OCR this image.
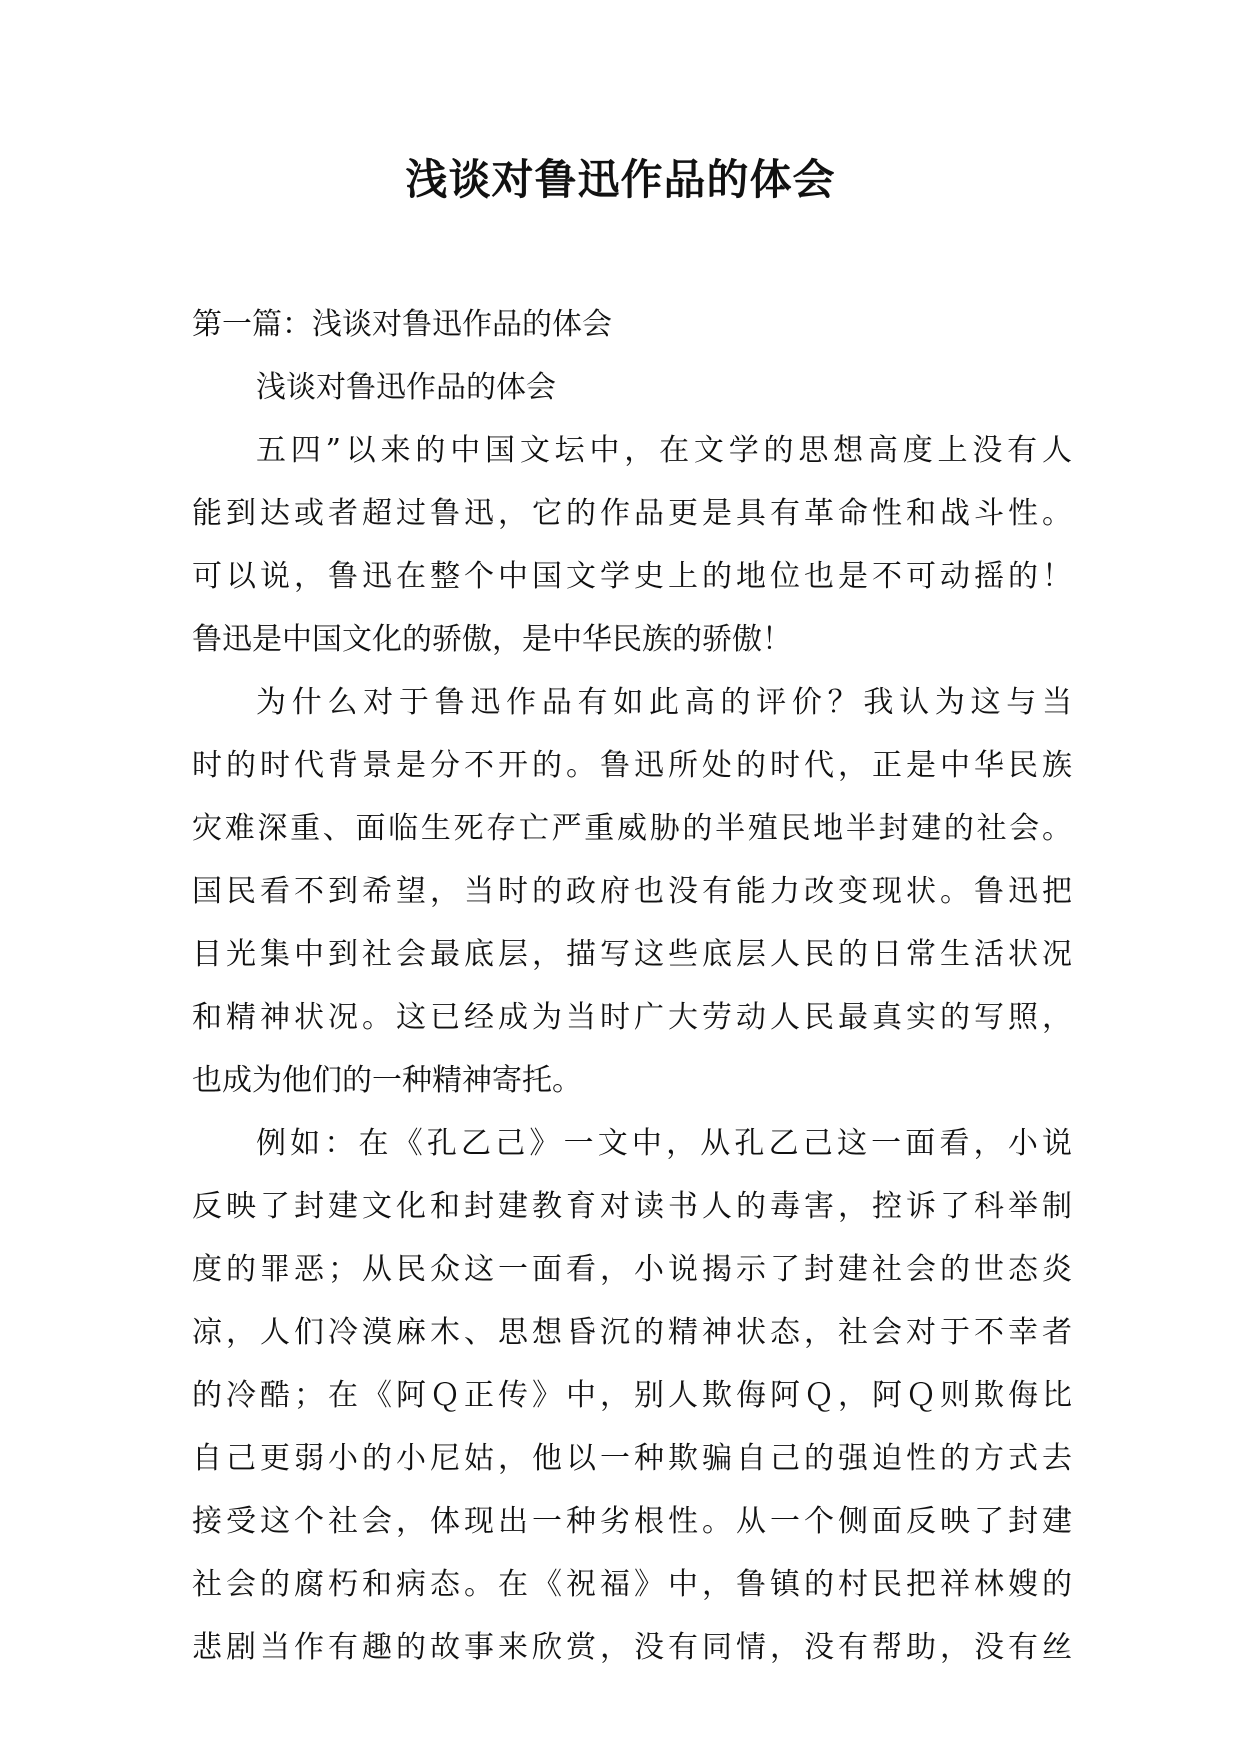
浅谈对鲁迅作品的体会
第一篇：浅谈对鲁迅作品的体会
浅谈对鲁迅作品的体会
五四”以来的中国文坛中，在文学的思想高度上没有人
能到达或者超过鲁迅，它的作品更是具有革命性和战斗性。
可以说，鲁迅在整个中国文学史上的地位也是不可动摇的！
鲁迅是中国文化的骄傲，是中华民族的骄傲！
为什么对于鲁迅作品有如此高的评价？我认为这与当
时的时代背景是分不开的。鲁迅所处的时代，正是中华民族
灾难深重、面临生死存亡严重威胁的半殖民地半封建的社会。
国民看不到希望，当时的政府也没有能力改变现状。鲁迅把
目光集中到社会最底层，描写这些底层人民的日常生活状况
和精神状况。这已经成为当时广大劳动人民最真实的写照，
也成为他们的一种精神寄托。
例如：在《孔乙己》一文中，从孔乙己这一面看，小说
反映了封建文化和封建教育对读书人的毒害，控诉了科举制
度的罪恶；从民众这一面看，小说揭示了封建社会的世态炎
凉，人们冷漠麻木、思想昏沉的精神状态，社会对于不幸者
的冷酷；在《阿Ｑ正传》中，别人欺侮阿Ｑ，阿Ｑ则欺侮比
自己更弱小的小尼姑，他以一种欺骗自己的强迫性的方式去
接受这个社会，体现出一种劣根性。从一个侧面反映了封建
社会的腐朽和病态。在《祝福》中，鲁镇的村民把祥林嫂的
悲剧当作有趣的故事来欣赏，没有同情，没有帮助，没有丝
